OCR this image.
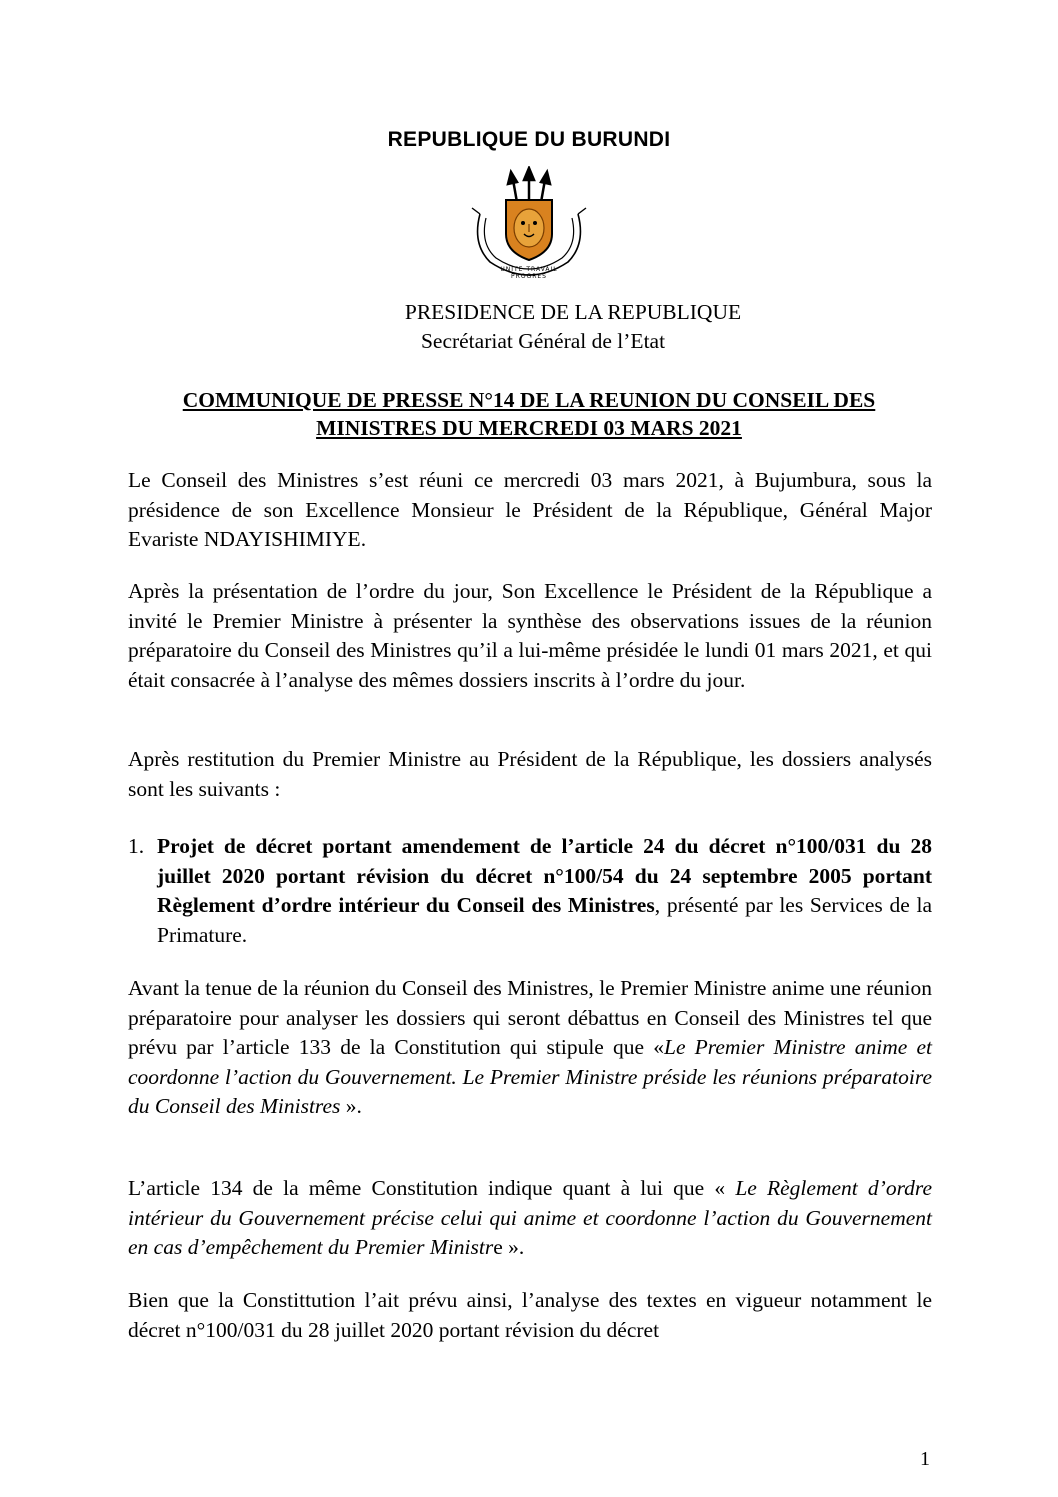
REPUBLIQUE DU BURUNDI
UNITE TRAVAIL PROGRES
PRESIDENCE DE LA REPUBLIQUE
Secrétariat Général de l’Etat
COMMUNIQUE DE PRESSE N°14 DE LA REUNION DU CONSEIL DES
MINISTRES DU MERCREDI 03 MARS 2021

Le Conseil des Ministres s’est réuni ce mercredi 03 mars 2021, à Bujumbura, sous la présidence de son Excellence Monsieur le Président de la République, Général Major Evariste NDAYISHIMIYE.

Après la présentation de l’ordre du jour, Son Excellence le Président de la République a invité le Premier Ministre à présenter la synthèse des observations issues de la réunion préparatoire du Conseil des Ministres qu’il a lui-même présidée le lundi 01 mars 2021, et qui était consacrée à l’analyse des mêmes dossiers inscrits à l’ordre du jour.

Après restitution du Premier Ministre au Président de la République, les dossiers analysés sont les suivants :

1. Projet de décret portant amendement de l’article 24 du décret n°100/031 du 28 juillet 2020 portant révision du décret n°100/54 du 24 septembre 2005 portant Règlement d’ordre intérieur du Conseil des Ministres, présenté par les Services de la Primature.

Avant la tenue de la réunion du Conseil des Ministres, le Premier Ministre anime une réunion préparatoire pour analyser les dossiers qui seront débattus en Conseil des Ministres tel que prévu par l’article 133 de la Constitution qui stipule que «Le Premier Ministre anime et coordonne l’action du Gouvernement. Le Premier Ministre préside les réunions préparatoire du Conseil des Ministres ».

L’article 134 de la même Constitution indique quant à lui que « Le Règlement d’ordre intérieur du Gouvernement précise celui qui anime et coordonne l’action du Gouvernement en cas d’empêchement du Premier Ministre ».

Bien que la Constittution l’ait prévu ainsi, l’analyse des textes en vigueur notamment le décret n°100/031 du 28 juillet 2020 portant révision du décret

1
